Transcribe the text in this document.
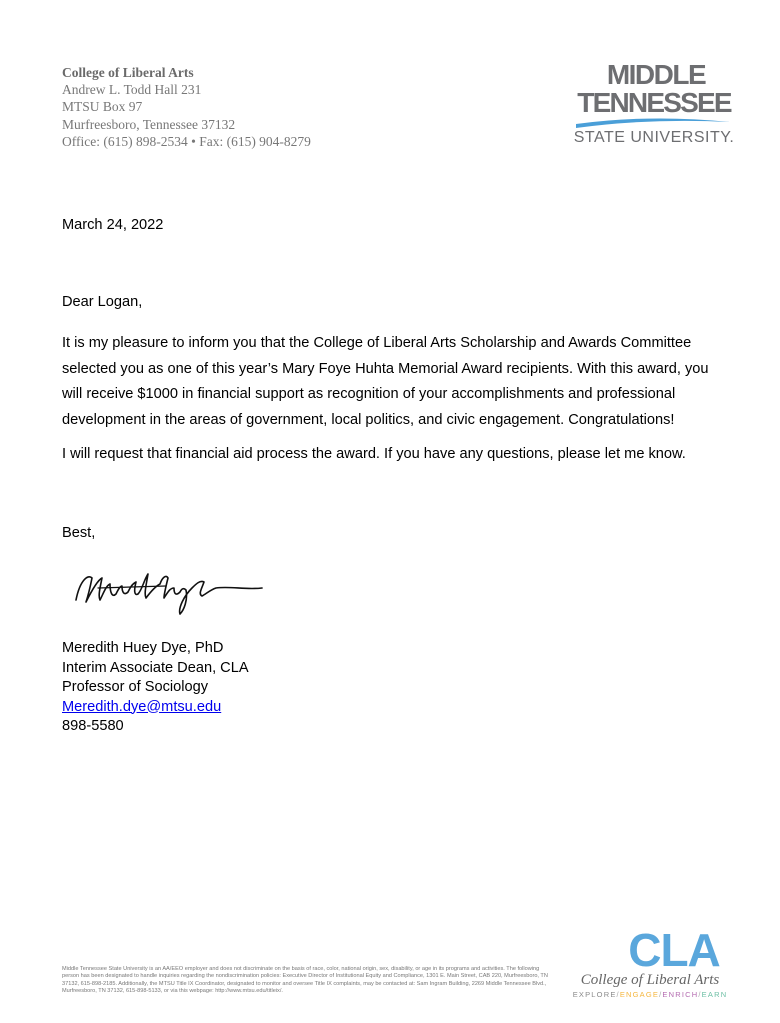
College of Liberal Arts
Andrew L. Todd Hall 231
MTSU Box 97
Murfreesboro, Tennessee 37132
Office: (615) 898-2534 • Fax: (615) 904-8279
MIDDLE
TENNESSEE
STATE UNIVERSITY.
March 24, 2022
Dear Logan,
It is my pleasure to inform you that the College of Liberal Arts Scholarship and Awards Committee selected you as one of this year’s Mary Foye Huhta Memorial Award recipients. With this award, you will receive $1000 in financial support as recognition of your accomplishments and professional development in the areas of government, local politics, and civic engagement. Congratulations!
I will request that financial aid process the award. If you have any questions, please let me know.
Best,
Meredith Huey Dye, PhD
Interim Associate Dean, CLA
Professor of Sociology
Meredith.dye@mtsu.edu
898-5580
Middle Tennessee State University is an AA/EEO employer and does not discriminate on the basis of race, color, national origin, sex, disability, or age in its programs and activities. The following person has been designated to handle inquiries regarding the nondiscrimination policies: Executive Director of Institutional Equity and Compliance, 1301 E. Main Street, CAB 220, Murfreesboro, TN 37132, 615-898-2185. Additionally, the MTSU Title IX Coordinator, designated to monitor and oversee Title IX complaints, may be contacted at: Sam Ingram Building, 2269 Middle Tennessee Blvd., Murfreesboro, TN 37132, 615-898-5133, or via this webpage: http://www.mtsu.edu/titleix/.
CLA
College of Liberal Arts
EXPLORE/ENGAGE/ENRICH/EARN
